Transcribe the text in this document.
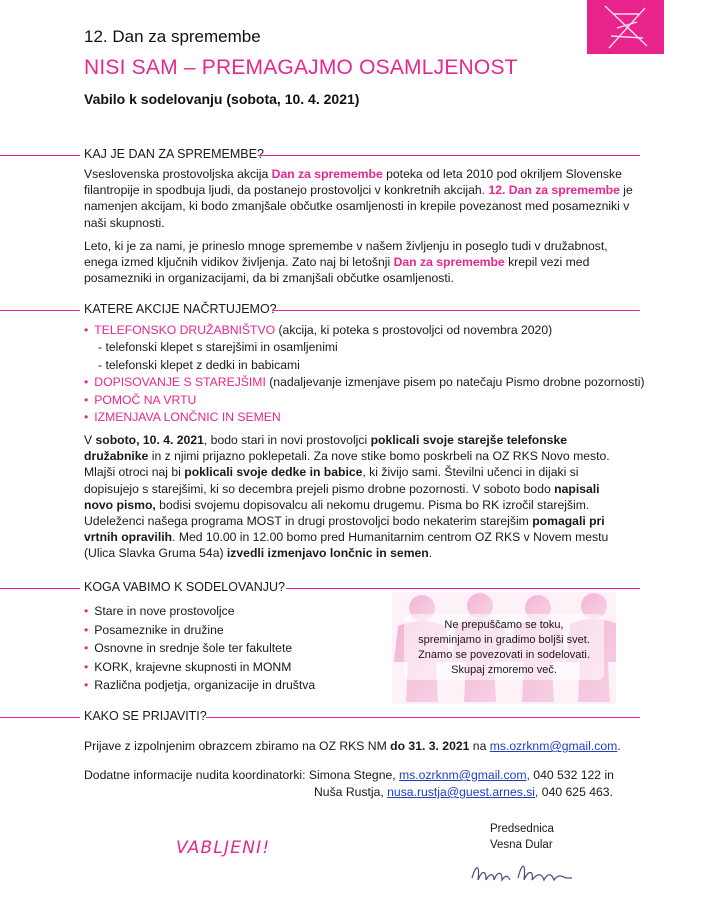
12. Dan za spremembe
NISI SAM – PREMAGAJMO OSAMLJENOST
Vabilo k sodelovanju (sobota, 10. 4. 2021)
KAJ JE DAN ZA SPREMEMBE?
Vseslovenska prostovoljska akcija Dan za spremembe poteka od leta 2010 pod okriljem Slovenske filantropije in spodbuja ljudi, da postanejo prostovoljci v konkretnih akcijah. 12. Dan za spremembe je namenjen akcijam, ki bodo zmanjšale občutke osamljenosti in krepile povezanost med posamezniki v naši skupnosti.
Leto, ki je za nami, je prineslo mnoge spremembe v našem življenju in poseglo tudi v družabnost, enega izmed ključnih vidikov življenja. Zato naj bi letošnji Dan za spremembe krepil vezi med posamezniki in organizacijami, da bi zmanjšali občutke osamljenosti.
KATERE AKCIJE NAČRTUJEMO?
• TELEFONSKO DRUŽABNIŠTVO (akcija, ki poteka s prostovoljci od novembra 2020)
- telefonski klepet s starejšimi in osamljenimi
- telefonski klepet z dedki in babicami
• DOPISOVANJE S STAREJŠIMI (nadaljevanje izmenjave pisem po natečaju Pismo drobne pozornosti)
• POMOČ NA VRTU
• IZMENJAVA LONČNIC IN SEMEN
V soboto, 10. 4. 2021, bodo stari in novi prostovoljci poklicali svoje starejše telefonske družabnike in z njimi prijazno poklepetali. Za nove stike bomo poskrbeli na OZ RKS Novo mesto. Mlajši otroci naj bi poklicali svoje dedke in babice, ki živijo sami. Številni učenci in dijaki si dopisujejo s starejšimi, ki so decembra prejeli pismo drobne pozornosti. V soboto bodo napisali novo pismo, bodisi svojemu dopisovalcu ali nekomu drugemu. Pisma bo RK izročil starejšim. Udeleženci našega programa MOST in drugi prostovoljci bodo nekaterim starejšim pomagali pri vrtnih opravilih. Med 10.00 in 12.00 bomo pred Humanitarnim centrom OZ RKS v Novem mestu (Ulica Slavka Gruma 54a) izvedli izmenjavo lončnic in semen.
KOGA VABIMO K SODELOVANJU?
• Stare in nove prostovoljce
• Posameznike in družine
• Osnovne in srednje šole ter fakultete
• KORK, krajevne skupnosti in MONM
• Različna podjetja, organizacije in društva
Ne prepuščamo se toku,
spreminjamo in gradimo boljši svet.
Znamo se povezovati in sodelovati.
Skupaj zmoremo več.
KAKO SE PRIJAVITI?
Prijave z izpolnjenim obrazcem zbiramo na OZ RKS NM do 31. 3. 2021 na ms.ozrknm@gmail.com.
Dodatne informacije nudita koordinatorki: Simona Stegne, ms.ozrknm@gmail.com, 040 532 122 in
Nuša Rustja, nusa.rustja@guest.arnes.si, 040 625 463.
VABLJENI!
Predsednica
Vesna Dular
